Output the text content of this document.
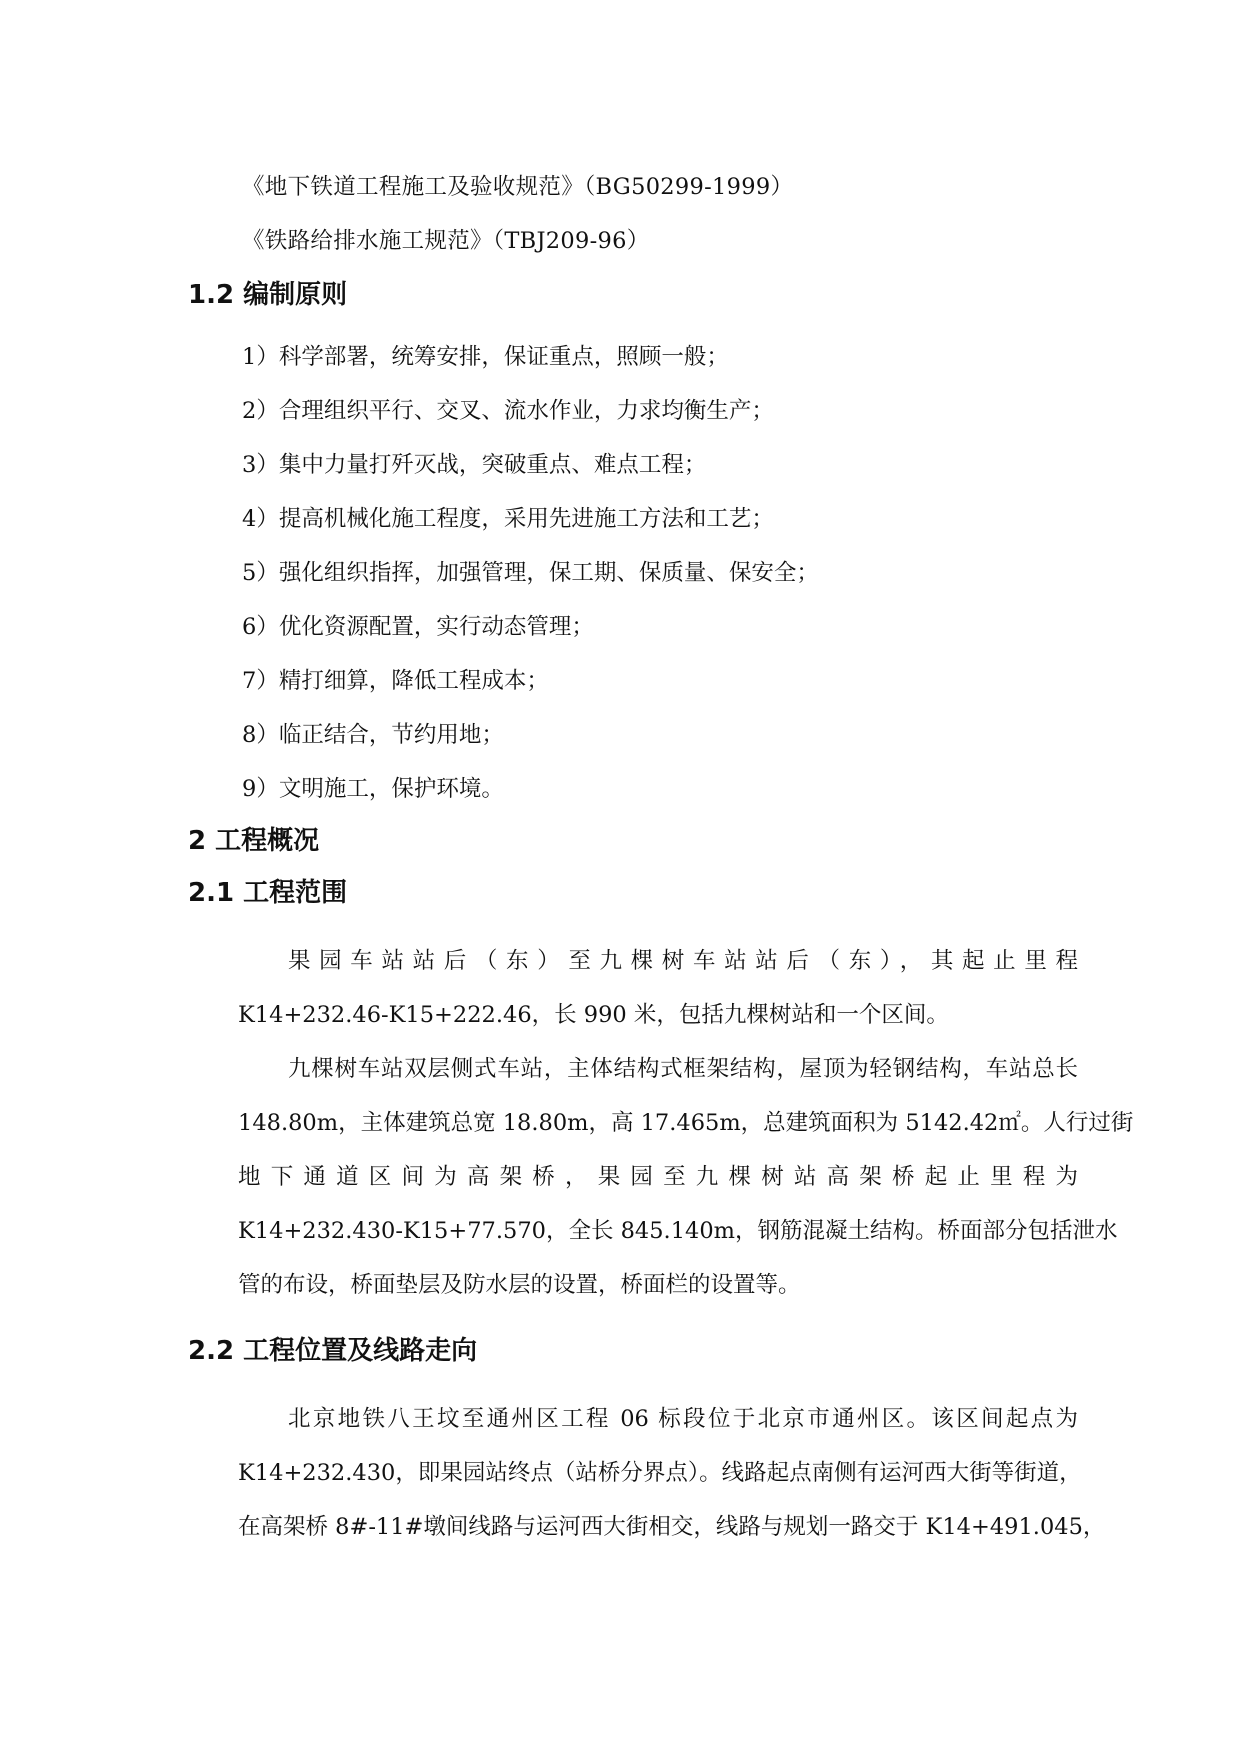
《地下铁道工程施工及验收规范》（BG50299-1999）
《铁路给排水施工规范》（TBJ209-96）
1.2 编制原则
1）科学部署，统筹安排，保证重点，照顾一般；
2）合理组织平行、交叉、流水作业，力求均衡生产；
3）集中力量打歼灭战，突破重点、难点工程；
4）提高机械化施工程度，采用先进施工方法和工艺；
5）强化组织指挥，加强管理，保工期、保质量、保安全；
6）优化资源配置，实行动态管理；
7）精打细算，降低工程成本；
8）临正结合，节约用地；
9）文明施工，保护环境。
2 工程概况
2.1 工程范围
果园车站站后（东）至九棵树车站站后（东），其起止里程
K14+232.46-K15+222.46，长 990 米，包括九棵树站和一个区间。
九棵树车站双层侧式车站，主体结构式框架结构，屋顶为轻钢结构，车站总长
148.80m，主体建筑总宽 18.80m，高 17.465m，总建筑面积为 5142.42㎡。人行过街
地下通道区间为高架桥，果园至九棵树站高架桥起止里程为
K14+232.430-K15+77.570，全长 845.140m，钢筋混凝土结构。桥面部分包括泄水
管的布设，桥面垫层及防水层的设置，桥面栏的设置等。
2.2 工程位置及线路走向
北京地铁八王坟至通州区工程 06 标段位于北京市通州区。该区间起点为
K14+232.430，即果园站终点（站桥分界点）。线路起点南侧有运河西大街等街道，
在高架桥 8#-11#墩间线路与运河西大街相交，线路与规划一路交于 K14+491.045，
